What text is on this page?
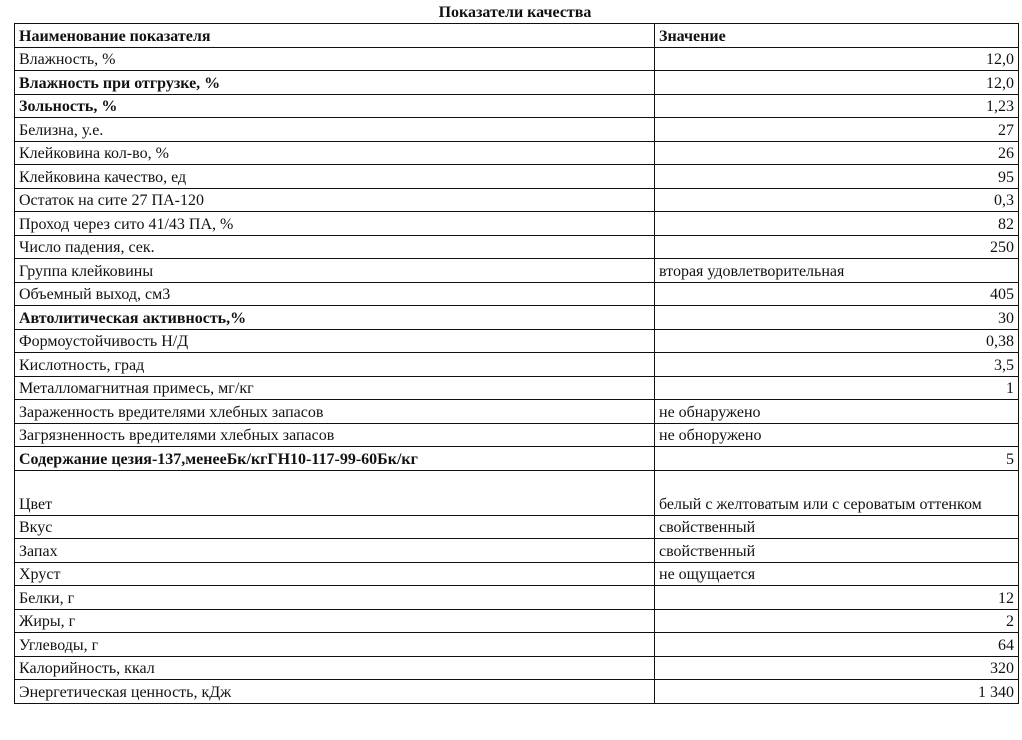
Показатели качества
Наименование показателя	Значение
Влажность, %	12,0
Влажность при отгрузке, %	12,0
Зольность, %	1,23
Белизна, у.е.	27
Клейковина кол-во, %	26
Клейковина качество, ед	95
Остаток на сите 27 ПА-120	0,3
Проход через сито 41/43 ПА, %	82
Число падения, сек.	250
Группа клейковины	вторая удовлетворительная
Объемный выход, см3	405
Автолитическая активность,%	30
Формоустойчивость Н/Д	0,38
Кислотность, град	3,5
Металломагнитная примесь, мг/кг	1
Зараженность вредителями хлебных запасов	не обнаружено
Загрязненность вредителями хлебных запасов	не обноружено
Содержание цезия-137,менееБк/кгГН10-117-99-60Бк/кг	5
Цвет	белый с желтоватым или с сероватым оттенком
Вкус	свойственный
Запах	свойственный
Хруст	не ощущается
Белки, г	12
Жиры, г	2
Углеводы, г	64
Калорийность, ккал	320
Энергетическая ценность, кДж	1 340
